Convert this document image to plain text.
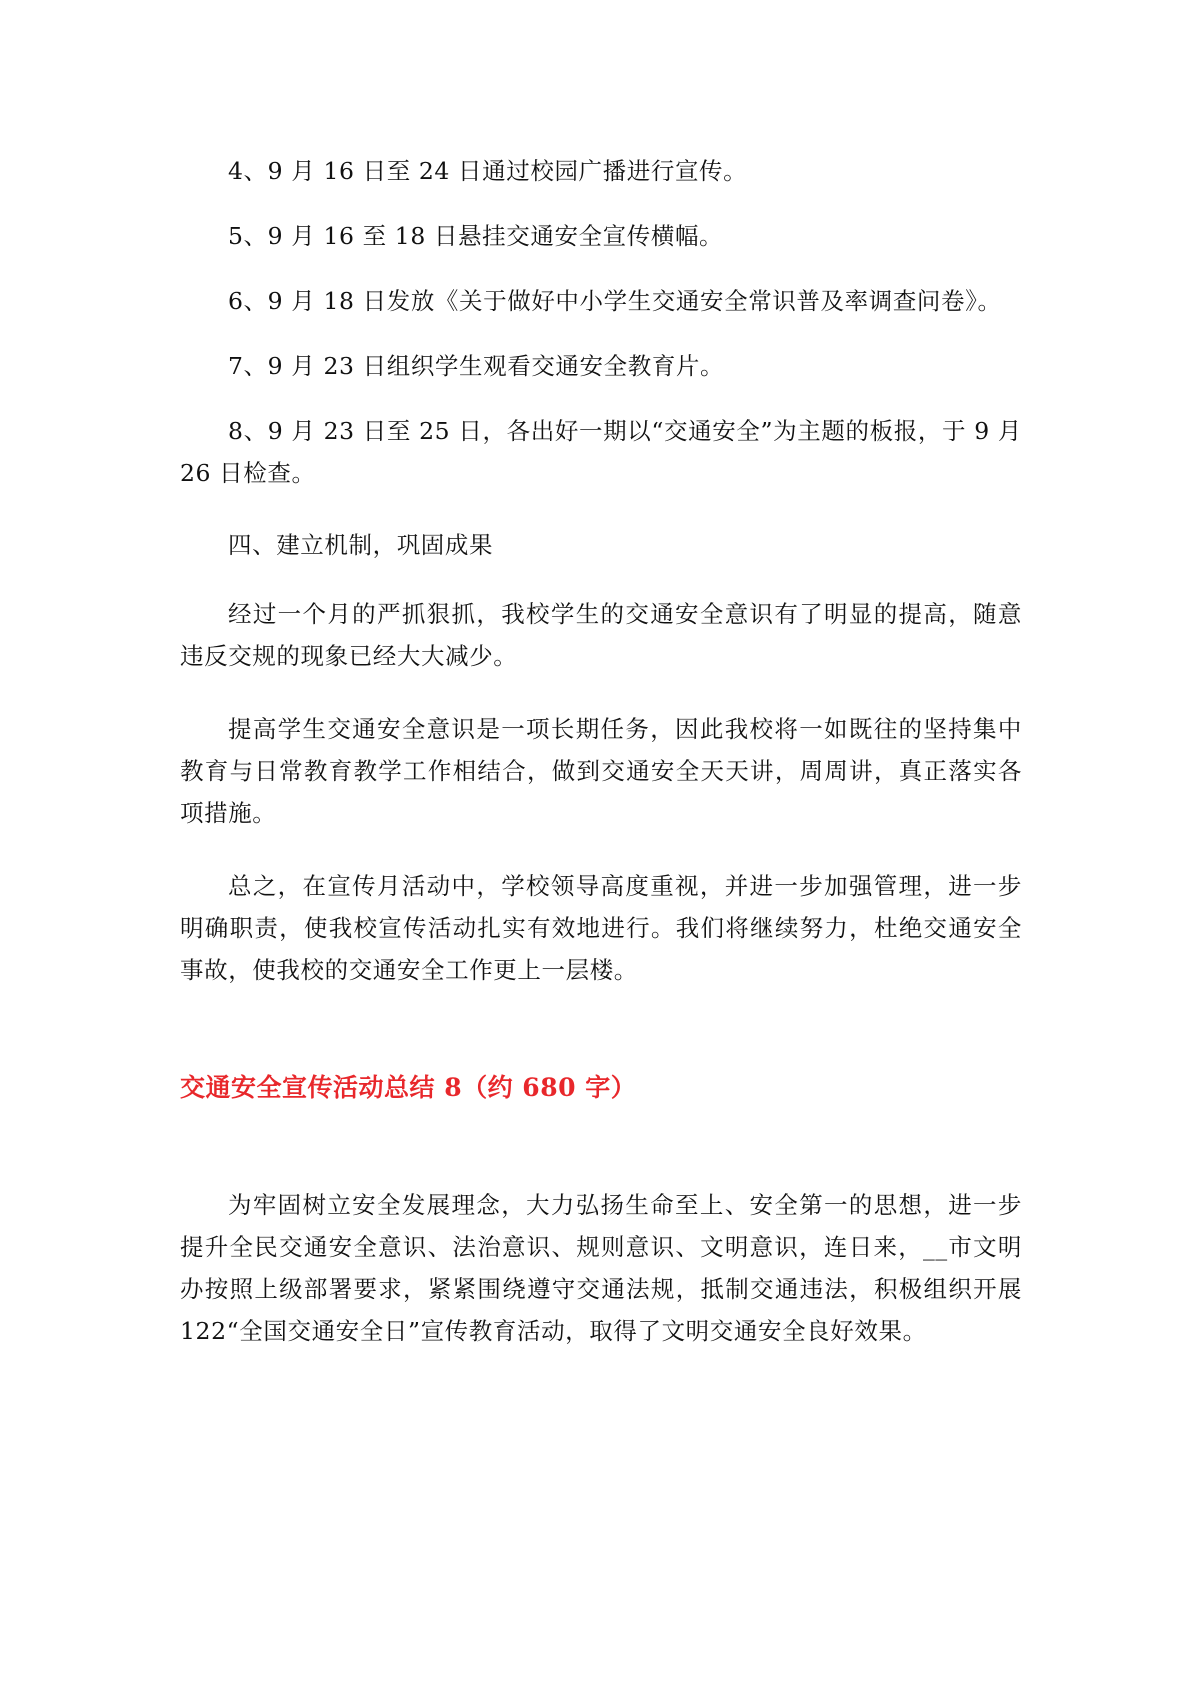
4、9 月 16 日至 24 日通过校园广播进行宣传。

5、9 月 16 至 18 日悬挂交通安全宣传横幅。

6、9 月 18 日发放《关于做好中小学生交通安全常识普及率调查问卷》。

7、9 月 23 日组织学生观看交通安全教育片。

8、9 月 23 日至 25 日，各出好一期以“交通安全”为主题的板报，于 9 月 26 日检查。

四、建立机制，巩固成果

经过一个月的严抓狠抓，我校学生的交通安全意识有了明显的提高，随意违反交规的现象已经大大减少。

提高学生交通安全意识是一项长期任务，因此我校将一如既往的坚持集中教育与日常教育教学工作相结合，做到交通安全天天讲，周周讲，真正落实各项措施。

总之，在宣传月活动中，学校领导高度重视，并进一步加强管理，进一步明确职责，使我校宣传活动扎实有效地进行。我们将继续努力，杜绝交通安全事故，使我校的交通安全工作更上一层楼。

交通安全宣传活动总结 8（约 680 字）

为牢固树立安全发展理念，大力弘扬生命至上、安全第一的思想，进一步提升全民交通安全意识、法治意识、规则意识、文明意识，连日来，__市文明办按照上级部署要求，紧紧围绕遵守交通法规，抵制交通违法，积极组织开展 122“全国交通安全日”宣传教育活动，取得了文明交通安全良好效果。
